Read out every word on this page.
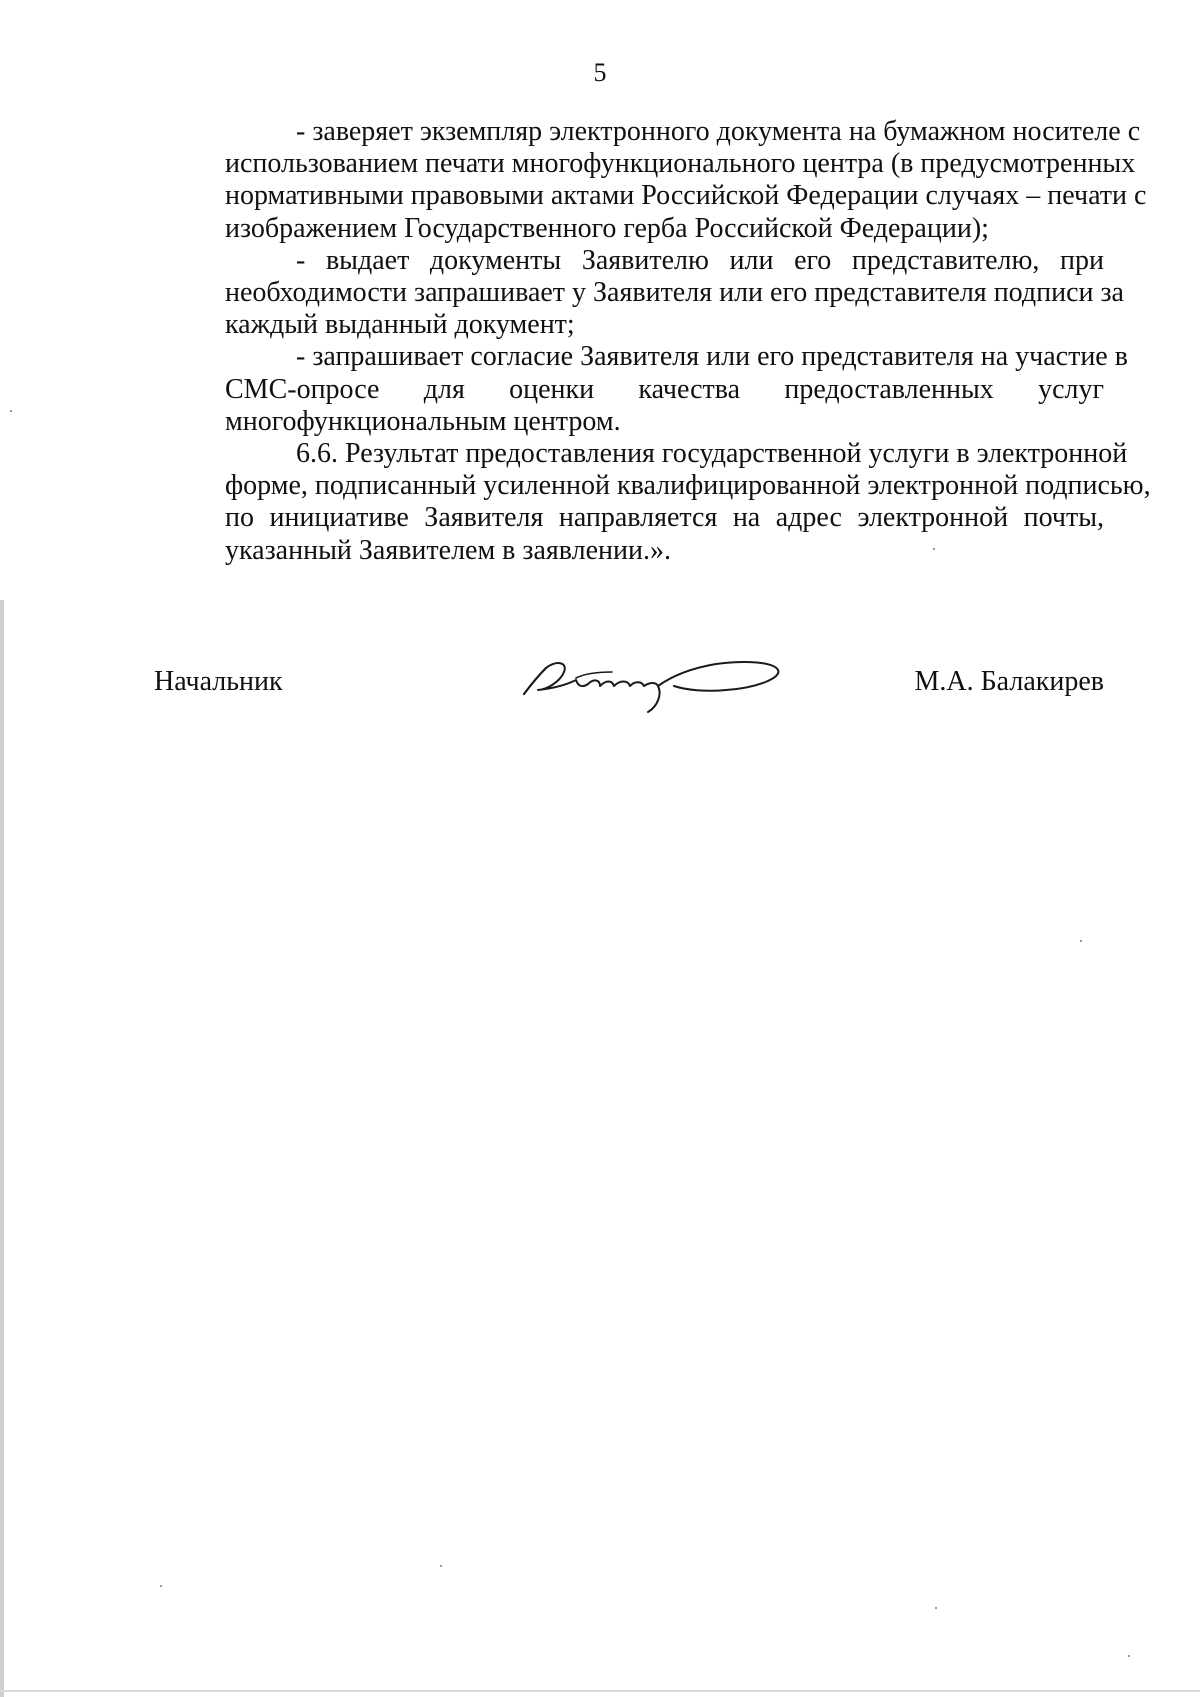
5

- заверяет экземпляр электронного документа на бумажном носителе с
использованием печати многофункционального центра (в предусмотренных
нормативными правовыми актами Российской Федерации случаях – печати с
изображением Государственного герба Российской Федерации);

- выдает документы Заявителю или его представителю, при
необходимости запрашивает у Заявителя или его представителя подписи за
каждый выданный документ;

- запрашивает согласие Заявителя или его представителя на участие в
СМС-опросе для оценки качества предоставленных услуг
многофункциональным центром.

6.6. Результат предоставления государственной услуги в электронной
форме, подписанный усиленной квалифицированной электронной подписью,
по инициативе Заявителя направляется на адрес электронной почты,
указанный Заявителем в заявлении.».

Начальник	М.А. Балакирев
